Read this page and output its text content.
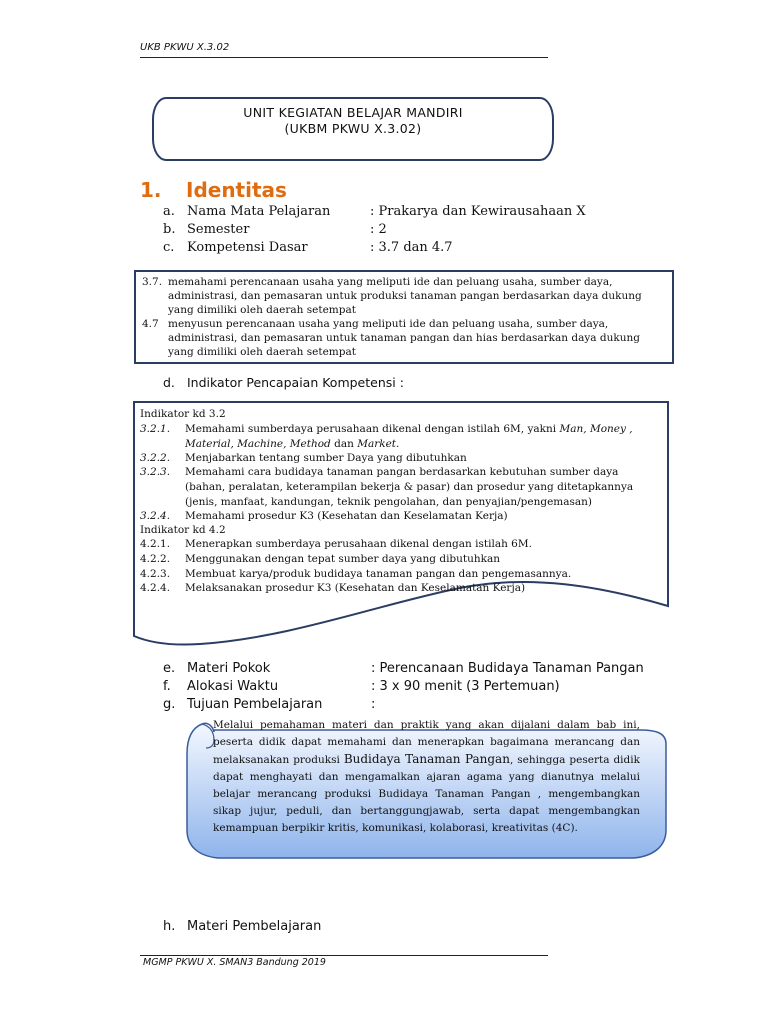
UKB PKWU X.3.02
UNIT KEGIATAN BELAJAR MANDIRI
(UKBM PKWU X.3.02)
1. Identitas
a. Nama Mata Pelajaran	: Prakarya dan Kewirausahaan X
b. Semester	: 2
c. Kompetensi Dasar	: 3.7 dan 4.7
3.7. memahami perencanaan usaha yang meliputi ide dan peluang usaha, sumber daya,
administrasi, dan pemasaran untuk produksi tanaman pangan berdasarkan daya dukung
yang dimiliki oleh daerah setempat
4.7 menyusun perencanaan usaha yang meliputi ide dan peluang usaha, sumber daya,
administrasi, dan pemasaran untuk tanaman pangan dan hias berdasarkan daya dukung
yang dimiliki oleh daerah setempat
d. Indikator Pencapaian Kompetensi :
Indikator kd 3.2
3.2.1. Memahami sumberdaya perusahaan dikenal dengan istilah 6M, yakni Man, Money ,
Material, Machine, Method dan Market.
3.2.2. Menjabarkan tentang sumber Daya yang dibutuhkan
3.2.3. Memahami cara budidaya tanaman pangan berdasarkan kebutuhan sumber daya
(bahan, peralatan, keterampilan bekerja & pasar) dan prosedur yang ditetapkannya
(jenis, manfaat, kandungan, teknik pengolahan, dan penyajian/pengemasan)
3.2.4. Memahami prosedur K3 (Kesehatan dan Keselamatan Kerja)
Indikator kd 4.2
4.2.1. Menerapkan sumberdaya perusahaan dikenal dengan istilah 6M.
4.2.2. Menggunakan dengan tepat sumber daya yang dibutuhkan
4.2.3. Membuat karya/produk budidaya tanaman pangan dan pengemasannya.
4.2.4. Melaksanakan prosedur K3 (Kesehatan dan Keselamatan Kerja)
e. Materi Pokok	: Perencanaan Budidaya Tanaman Pangan
f. Alokasi Waktu	: 3 x 90 menit (3 Pertemuan)
g. Tujuan Pembelajaran	:
Melalui pemahaman materi dan praktik yang akan dijalani dalam bab ini, peserta didik dapat memahami dan menerapkan bagaimana merancang dan melaksanakan produksi Budidaya Tanaman Pangan, sehingga peserta didik dapat menghayati dan mengamalkan ajaran agama yang dianutnya melalui belajar merancang produksi Budidaya Tanaman Pangan , mengembangkan sikap jujur, peduli, dan bertanggungjawab, serta dapat mengembangkan kemampuan berpikir kritis, komunikasi, kolaborasi, kreativitas (4C).
h. Materi Pembelajaran
MGMP PKWU X. SMAN3 Bandung 2019
